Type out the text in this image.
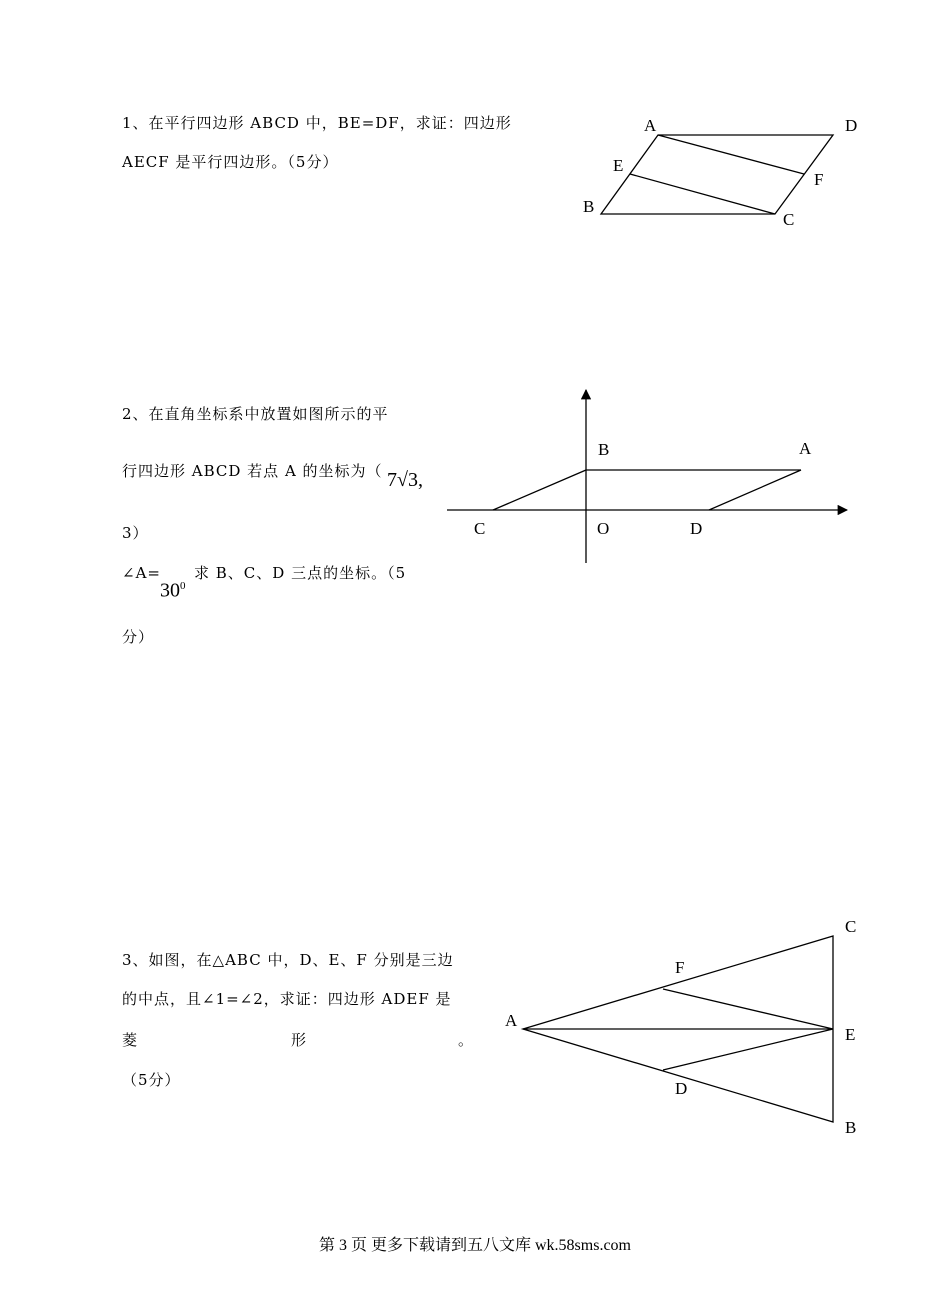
1、在平行四边形 ABCD 中，BE=DF，求证：四边形
AECF 是平行四边形。（5分）
2、在直角坐标系中放置如图所示的平
行四边形 ABCD 若点 A 的坐标为（ 7√3,
3）
∠A=
$30^0$
求 B、C、D 三点的坐标。（5
分）
3、如图，在△ABC 中，D、E、F 分别是三边
的中点，且∠1=∠2，求证：四边形 ADEF 是
菱	形	。
（5分）
A	D
E
F
B
C
B	A
C	O	D
C
F
A
E
D
B
第 3 页 更多下载请到五八文库 wk.58sms.com
